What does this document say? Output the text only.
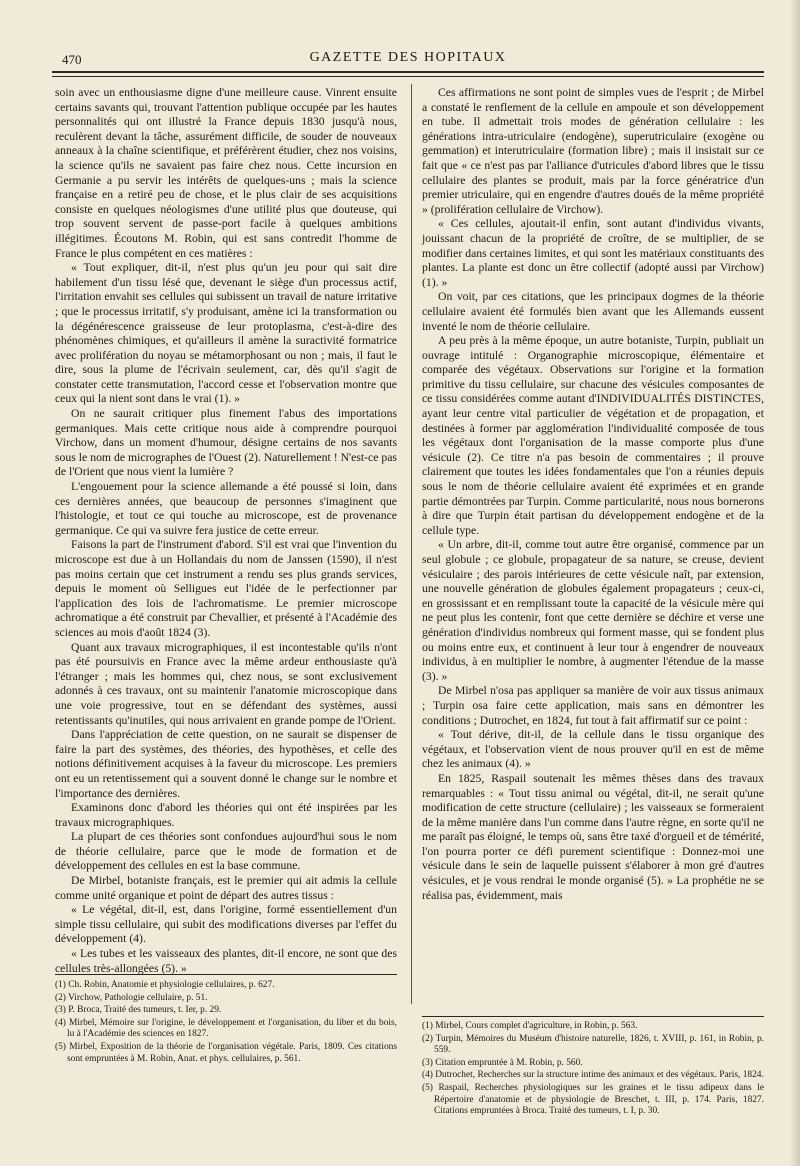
470	GAZETTE DES HOPITAUX

soin avec un enthousiasme digne d'une meilleure cause. Vinrent ensuite certains savants qui, trouvant l'attention publique occupée par les hautes personnalités qui ont illustré la France depuis 1830 jusqu'à nous, reculèrent devant la tâche, assurément difficile, de souder de nouveaux anneaux à la chaîne scientifique, et préférèrent étudier, chez nos voisins, la science qu'ils ne savaient pas faire chez nous. Cette incursion en Germanie a pu servir les intérêts de quelques-uns ; mais la science française en a retiré peu de chose, et le plus clair de ses acquisitions consiste en quelques néologismes d'une utilité plus que douteuse, qui trop souvent servent de passe-port facile à quelques ambitions illégitimes. Écoutons M. Robin, qui est sans contredit l'homme de France le plus compétent en ces matières :

« Tout expliquer, dit-il, n'est plus qu'un jeu pour qui sait dire habilement d'un tissu lésé que, devenant le siège d'un processus actif, l'irritation envahit ses cellules qui subissent un travail de nature irritative ; que le processus irritatif, s'y produisant, amène ici la transformation ou la dégénérescence graisseuse de leur protoplasma, c'est-à-dire des phénomènes chimiques, et qu'ailleurs il amène la suractivité formatrice avec prolifération du noyau se métamorphosant ou non ; mais, il faut le dire, sous la plume de l'écrivain seulement, car, dès qu'il s'agit de constater cette transmutation, l'accord cesse et l'observation montre que ceux qui la nient sont dans le vrai (1). »

On ne saurait critiquer plus finement l'abus des importations germaniques. Mais cette critique nous aide à comprendre pourquoi Virchow, dans un moment d'humour, désigne certains de nos savants sous le nom de micrographes de l'Ouest (2). Naturellement ! N'est-ce pas de l'Orient que nous vient la lumière ?

L'engouement pour la science allemande a été poussé si loin, dans ces dernières années, que beaucoup de personnes s'imaginent que l'histologie, et tout ce qui touche au microscope, est de provenance germanique. Ce qui va suivre fera justice de cette erreur.

Faisons la part de l'instrument d'abord. S'il est vrai que l'invention du microscope est due à un Hollandais du nom de Janssen (1590), il n'est pas moins certain que cet instrument a rendu ses plus grands services, depuis le moment où Selligues eut l'idée de le perfectionner par l'application des lois de l'achromatisme. Le premier microscope achromatique a été construit par Chevallier, et présenté à l'Académie des sciences au mois d'août 1824 (3).

Quant aux travaux micrographiques, il est incontestable qu'ils n'ont pas été poursuivis en France avec la même ardeur enthousiaste qu'à l'étranger ; mais les hommes qui, chez nous, se sont exclusivement adonnés à ces travaux, ont su maintenir l'anatomie microscopique dans une voie progressive, tout en se défendant des systèmes, aussi retentissants qu'inutiles, qui nous arrivaient en grande pompe de l'Orient.

Dans l'appréciation de cette question, on ne saurait se dispenser de faire la part des systèmes, des théories, des hypothèses, et celle des notions définitivement acquises à la faveur du microscope. Les premiers ont eu un retentissement qui a souvent donné le change sur le nombre et l'importance des dernières.

Examinons donc d'abord les théories qui ont été inspirées par les travaux micrographiques.

La plupart de ces théories sont confondues aujourd'hui sous le nom de théorie cellulaire, parce que le mode de formation et de développement des cellules en est la base commune.

De Mirbel, botaniste français, est le premier qui ait admis la cellule comme unité organique et point de départ des autres tissus :

« Le végétal, dit-il, est, dans l'origine, formé essentiellement d'un simple tissu cellulaire, qui subit des modifications diverses par l'effet du développement (4).

« Les tubes et les vaisseaux des plantes, dit-il encore, ne sont que des cellules très-allongées (5). »

Ces affirmations ne sont point de simples vues de l'esprit ; de Mirbel a constaté le renflement de la cellule en ampoule et son développement en tube. Il admettait trois modes de génération cellulaire : les générations intra-utriculaire (endogène), superutriculaire (exogène ou gemmation) et interutriculaire (formation libre) ; mais il insistait sur ce fait que « ce n'est pas par l'alliance d'utricules d'abord libres que le tissu cellulaire des plantes se produit, mais par la force génératrice d'un premier utriculaire, qui en engendre d'autres doués de la même propriété » (prolifération cellulaire de Virchow).

« Ces cellules, ajoutait-il enfin, sont autant d'individus vivants, jouissant chacun de la propriété de croître, de se multiplier, de se modifier dans certaines limites, et qui sont les matériaux constituants des plantes. La plante est donc un être collectif (adopté aussi par Virchow) (1). »

On voit, par ces citations, que les principaux dogmes de la théorie cellulaire avaient été formulés bien avant que les Allemands eussent inventé le nom de théorie cellulaire.

A peu près à la même époque, un autre botaniste, Turpin, publiait un ouvrage intitulé : Organographie microscopique, élémentaire et comparée des végétaux. Observations sur l'origine et la formation primitive du tissu cellulaire, sur chacune des vésicules composantes de ce tissu considérées comme autant d'INDIVIDUALITÉS DISTINCTES, ayant leur centre vital particulier de végétation et de propagation, et destinées à former par agglomération l'individualité composée de tous les végétaux dont l'organisation de la masse comporte plus d'une vésicule (2). Ce titre n'a pas besoin de commentaires ; il prouve clairement que toutes les idées fondamentales que l'on a réunies depuis sous le nom de théorie cellulaire avaient été exprimées et en grande partie démontrées par Turpin. Comme particularité, nous nous bornerons à dire que Turpin était partisan du développement endogène et de la cellule type.

« Un arbre, dit-il, comme tout autre être organisé, commence par un seul globule ; ce globule, propagateur de sa nature, se creuse, devient vésiculaire ; des parois intérieures de cette vésicule naît, par extension, une nouvelle génération de globules également propagateurs ; ceux-ci, en grossissant et en remplissant toute la capacité de la vésicule mère qui ne peut plus les contenir, font que cette dernière se déchire et verse une génération d'individus nombreux qui forment masse, qui se fondent plus ou moins entre eux, et continuent à leur tour à engendrer de nouveaux individus, à en multiplier le nombre, à augmenter l'étendue de la masse (3). »

De Mirbel n'osa pas appliquer sa manière de voir aux tissus animaux ; Turpin osa faire cette application, mais sans en démontrer les conditions ; Dutrochet, en 1824, fut tout à fait affirmatif sur ce point :

« Tout dérive, dit-il, de la cellule dans le tissu organique des végétaux, et l'observation vient de nous prouver qu'il en est de même chez les animaux (4). »

En 1825, Raspail soutenait les mêmes thèses dans des travaux remarquables : « Tout tissu animal ou végétal, dit-il, ne serait qu'une modification de cette structure (cellulaire) ; les vaisseaux se formeraient de la même manière dans l'un comme dans l'autre règne, en sorte qu'il ne me paraît pas éloigné, le temps où, sans être taxé d'orgueil et de témérité, l'on pourra porter ce défi purement scientifique : Donnez-moi une vésicule dans le sein de laquelle puissent s'élaborer à mon gré d'autres vésicules, et je vous rendrai le monde organisé (5). » La prophétie ne se réalisa pas, évidemment, mais

(1) Ch. Robin, Anatomie et physiologie cellulaires, p. 627.
(2) Virchow, Pathologie cellulaire, p. 51.
(3) P. Broca, Traité des tumeurs, t. Ier, p. 29.
(4) Mirbel, Mémoire sur l'origine, le développement et l'organisation, du liber et du bois, lu à l'Académie des sciences en 1827.
(5) Mirbel, Exposition de la théorie de l'organisation végétale. Paris, 1809. Ces citations sont empruntées à M. Robin, Anat. et phys. cellulaires, p. 561.
(1) Mirbel, Cours complet d'agriculture, in Robin, p. 563.
(2) Turpin, Mémoires du Muséum d'histoire naturelle, 1826, t. XVIII, p. 161, in Robin, p. 559.
(3) Citation empruntée à M. Robin, p. 560.
(4) Dutrochet, Recherches sur la structure intime des animaux et des végétaux. Paris, 1824.
(5) Raspail, Recherches physiologiques sur les graines et le tissu adipeux dans le Répertoire d'anatomie et de physiologie de Breschet, t. III, p. 174. Paris, 1827. Citations empruntées à Broca. Traité des tumeurs, t. I, p. 30.
